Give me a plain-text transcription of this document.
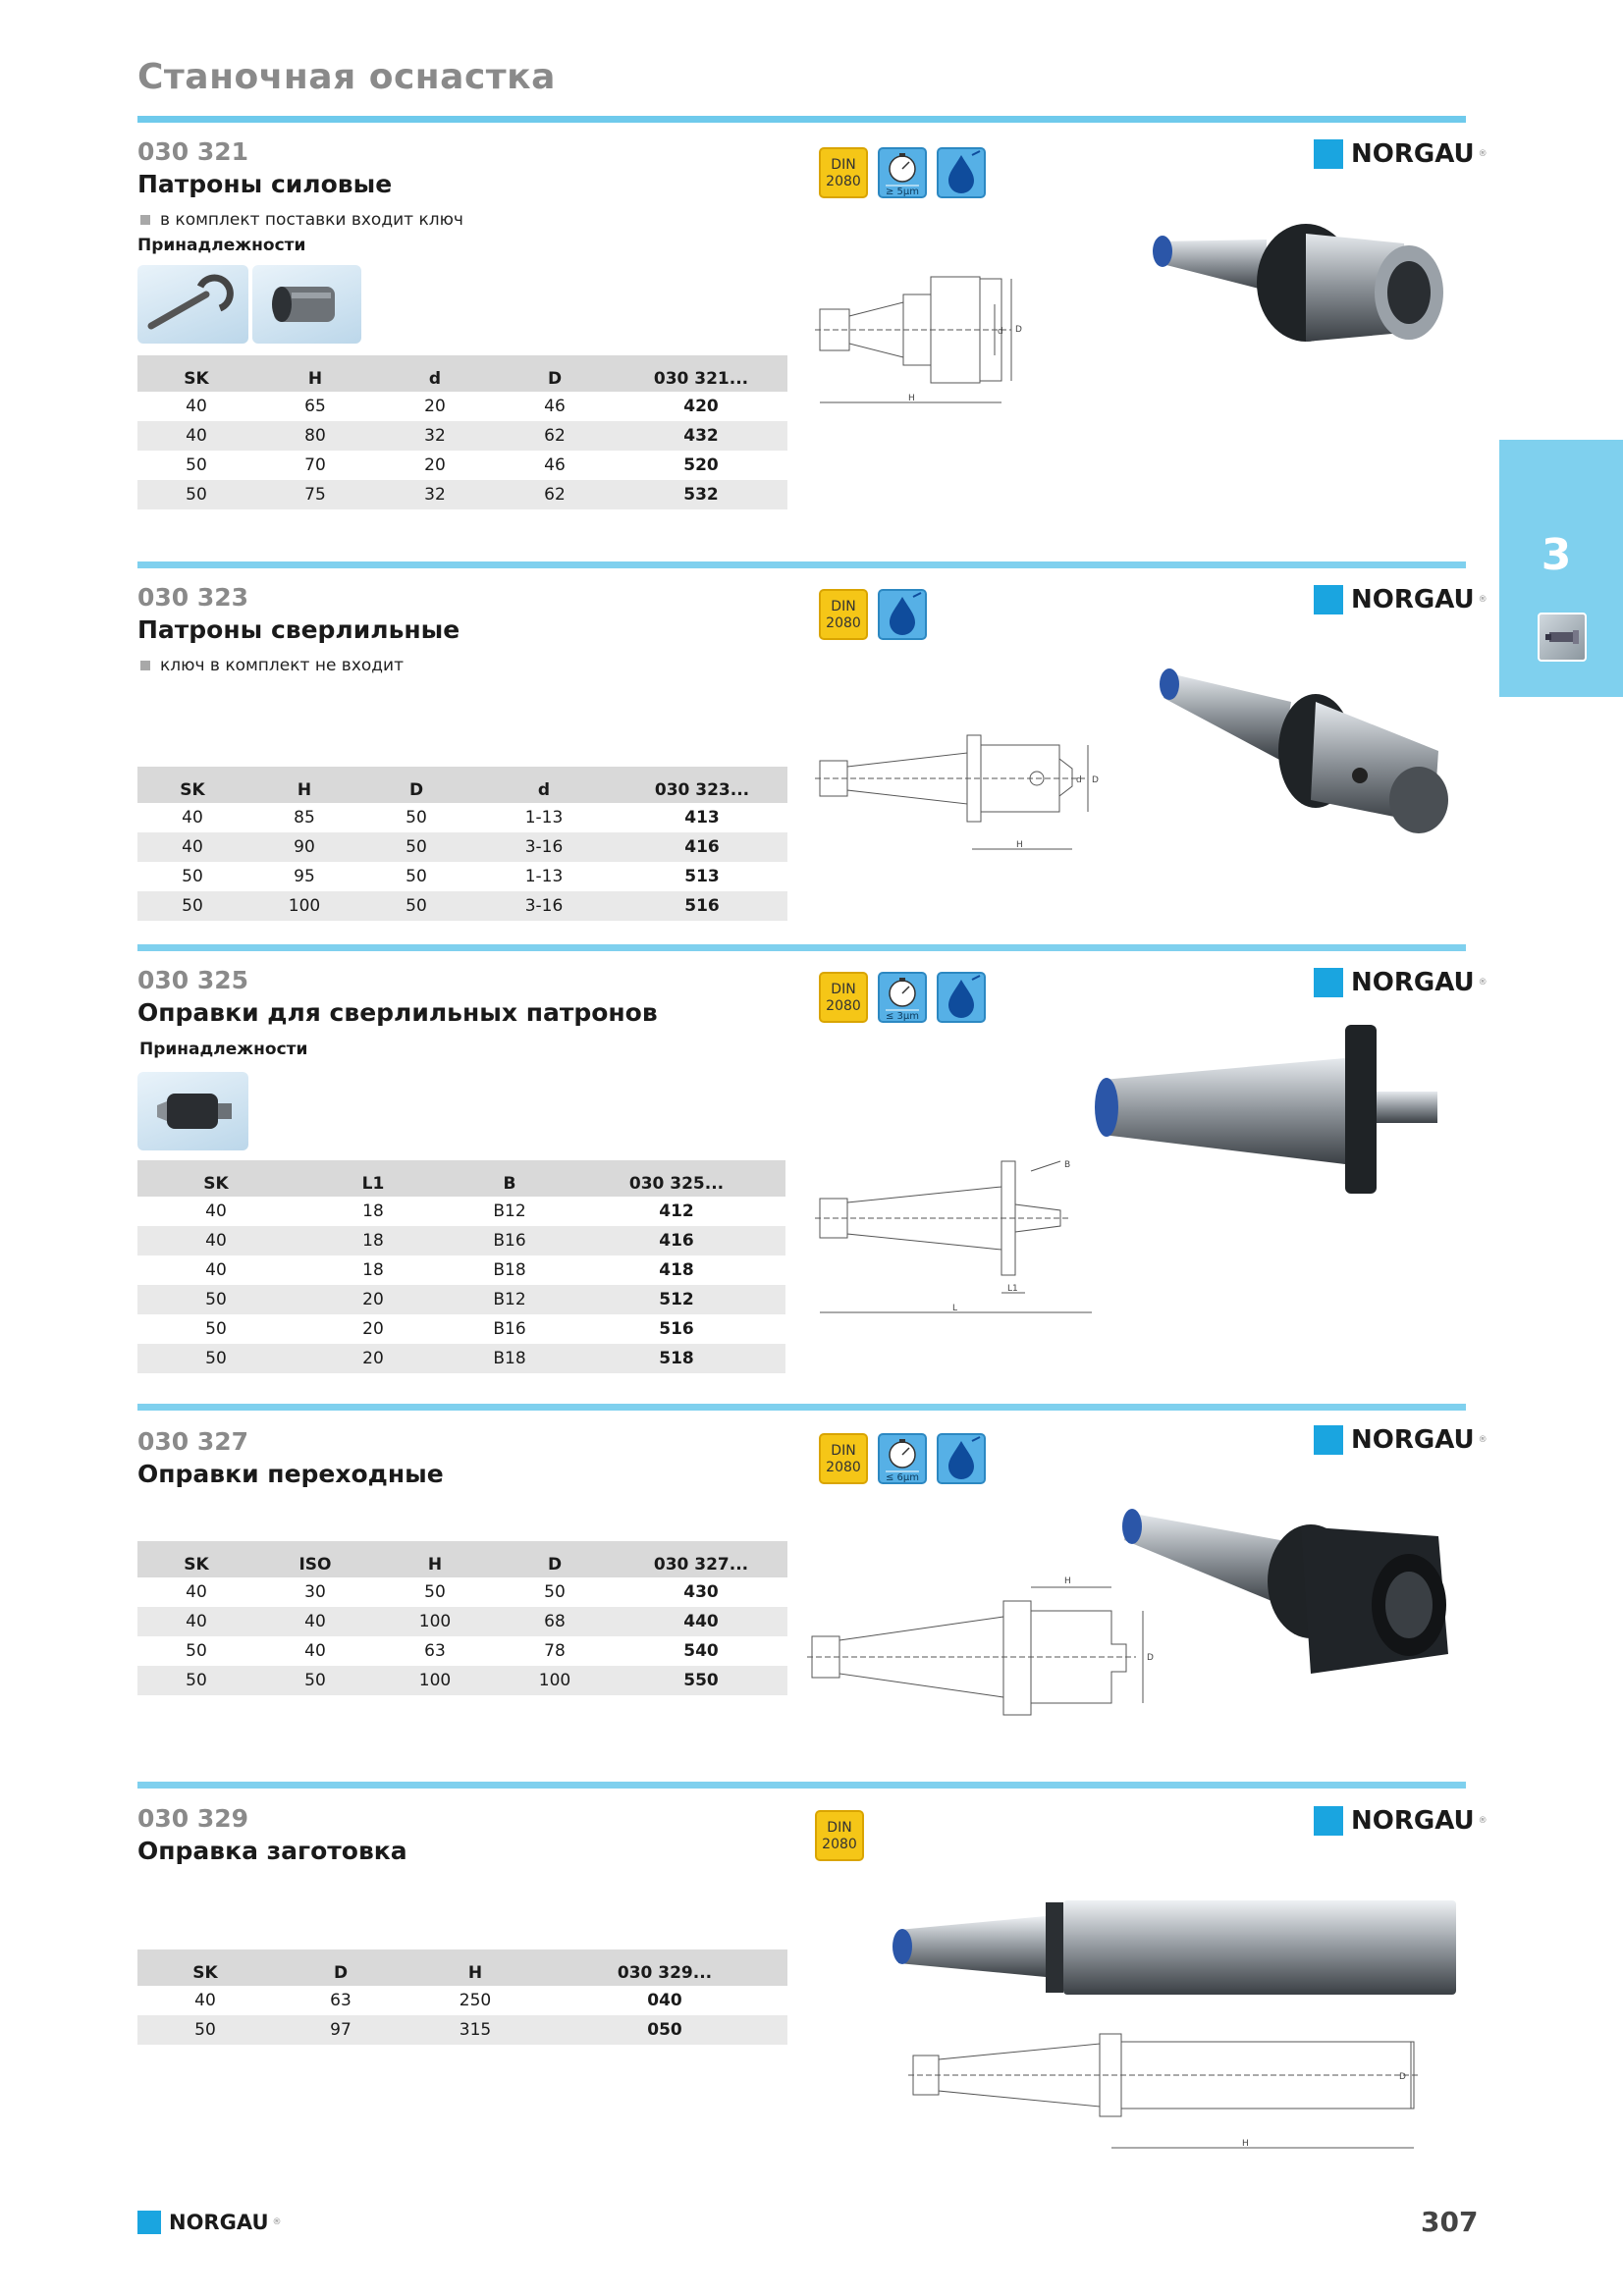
Станочная оснастка
3
030 321
Патроны силовые
в комплект поставки входит ключ
Принадлежности
SK	H	d	D	030 321...
40	65	20	46	420
40	80	32	62	432
50	70	20	46	520
50	75	32	62	532
DIN
2080
≥ 5µm
NORGAU ®
H
D
d
030 323
Патроны сверлильные
ключ в комплект не входит
SK	H	D	d	030 323...
40	85	50	1-13	413
40	90	50	3-16	416
50	95	50	1-13	513
50	100	50	3-16	516
DIN
2080
NORGAU ®
H
D
d
030 325
Оправки для сверлильных патронов
Принадлежности
SK	L1	B	030 325...
40	18	B12	412
40	18	B16	416
40	18	B18	418
50	20	B12	512
50	20	B16	516
50	20	B18	518
DIN
2080
≤ 3µm
NORGAU ®
L
L1
B
030 327
Оправки переходные
SK	ISO	H	D	030 327...
40	30	50	50	430
40	40	100	68	440
50	40	63	78	540
50	50	100	100	550
DIN
2080
≤ 6µm
NORGAU ®
H
D
030 329
Оправка заготовка
SK	D	H	030 329...
40	63	250	040
50	97	315	050
DIN
2080
NORGAU ®
H
D
NORGAU ®	307
